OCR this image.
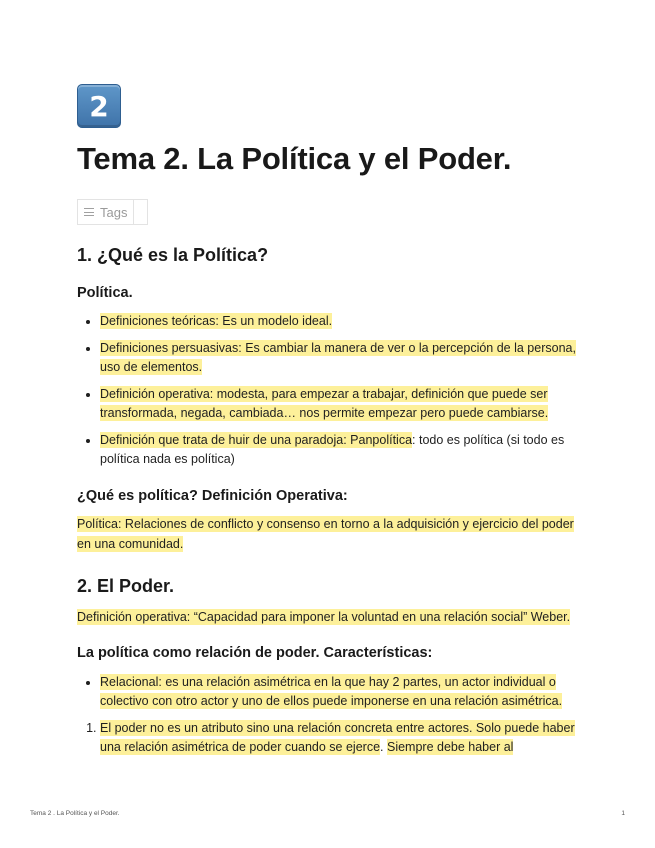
2
Tema 2. La Política y el Poder.
Tags
1. ¿Qué es la Política?
Política.
• Definiciones teóricas: Es un modelo ideal.
• Definiciones persuasivas: Es cambiar la manera de ver o la percepción de la persona, uso de elementos.
• Definición operativa: modesta, para empezar a trabajar, definición que puede ser transformada, negada, cambiada… nos permite empezar pero puede cambiarse.
• Definición que trata de huir de una paradoja: Panpolítica: todo es política (si todo es política nada es política)
¿Qué es política? Definición Operativa:

Política: Relaciones de conflicto y consenso en torno a la adquisición y ejercicio del poder en una comunidad.

2. El Poder.

Definición operativa: “Capacidad para imponer la voluntad en una relación social” Weber.

La política como relación de poder. Características:
• Relacional: es una relación asimétrica en la que hay 2 partes, un actor individual o colectivo con otro actor y uno de ellos puede imponerse en una relación asimétrica.
1. El poder no es un atributo sino una relación concreta entre actores. Solo puede haber una relación asimétrica de poder cuando se ejerce. Siempre debe haber al
Tema 2 . La Política y el Poder.	1
